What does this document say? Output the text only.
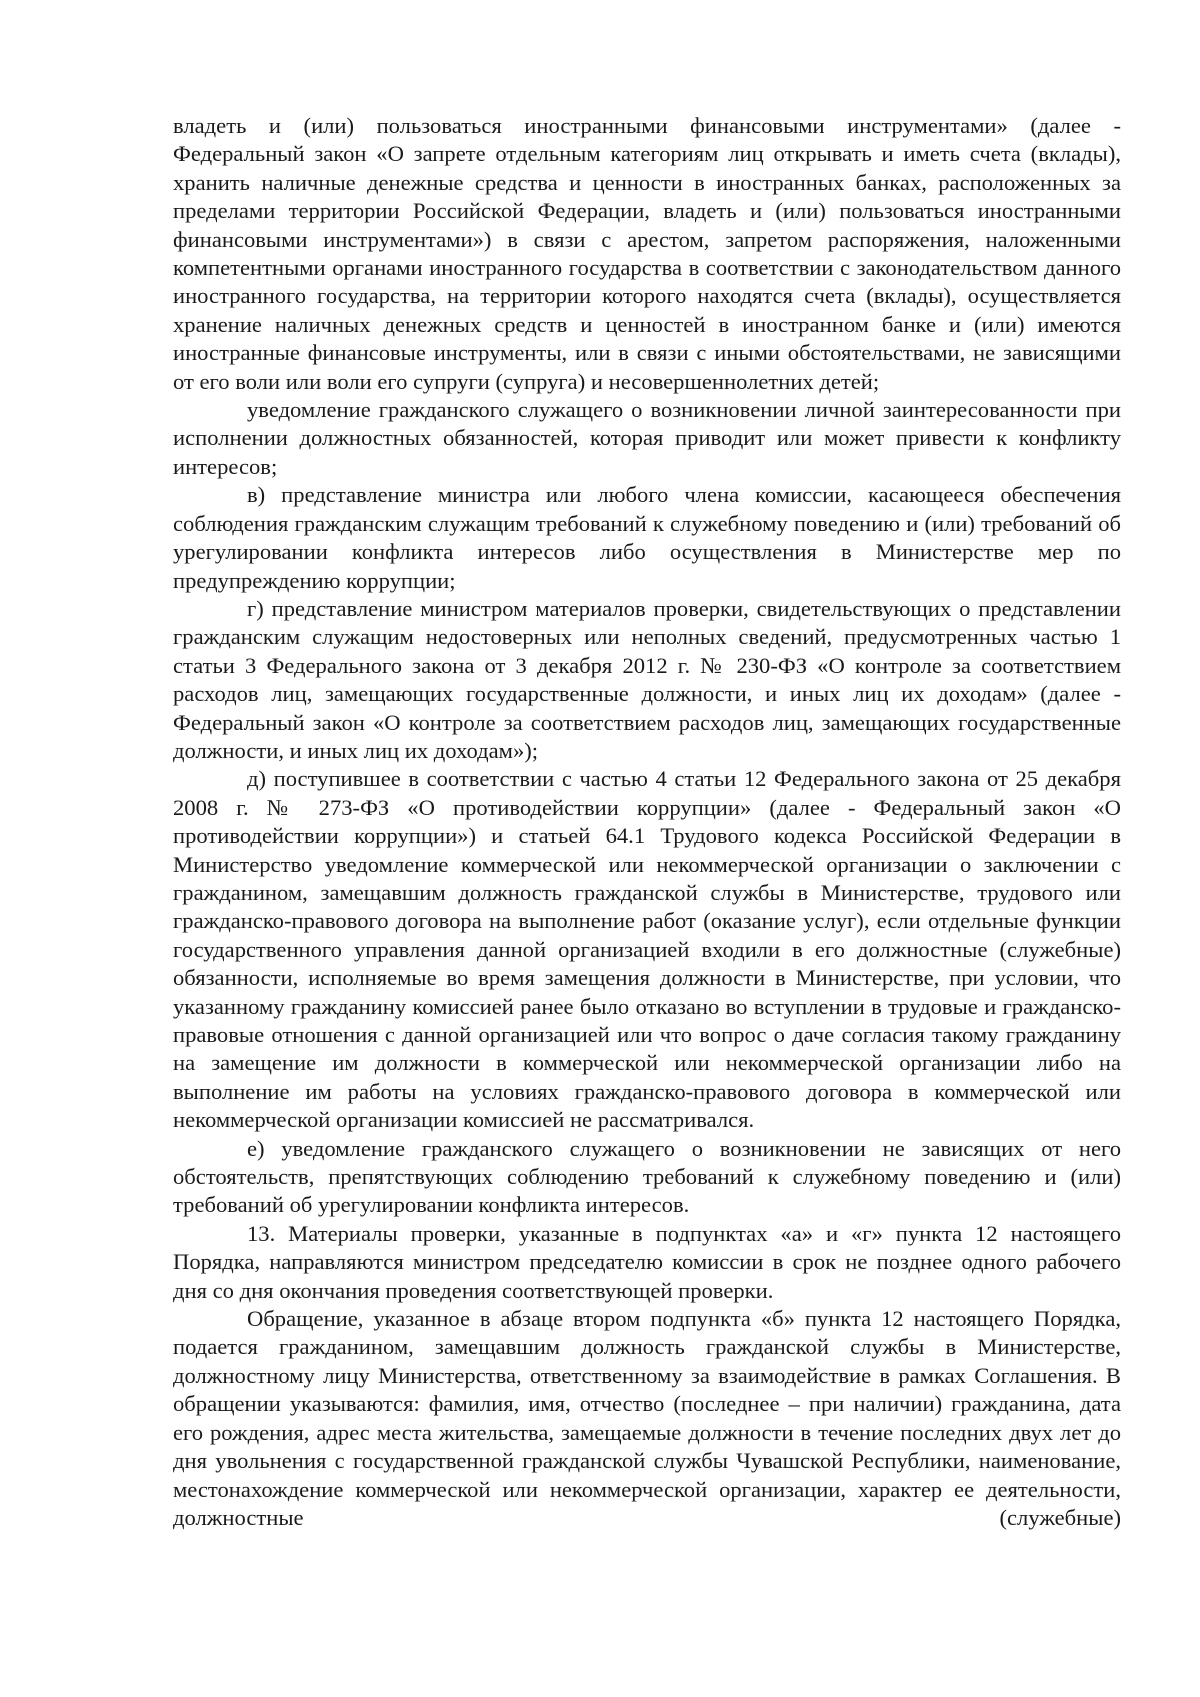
владеть и (или) пользоваться иностранными финансовыми инструментами» (далее - Федеральный закон «О запрете отдельным категориям лиц открывать и иметь счета (вклады), хранить наличные денежные средства и ценности в иностранных банках, расположенных за пределами территории Российской Федерации, владеть и (или) пользоваться иностранными финансовыми инструментами») в связи с арестом, запретом распоряжения, наложенными компетентными органами иностранного государства в соответствии с законодательством данного иностранного государства, на территории которого находятся счета (вклады), осуществляется хранение наличных денежных средств и ценностей в иностранном банке и (или) имеются иностранные финансовые инструменты, или в связи с иными обстоятельствами, не зависящими от его воли или воли его супруги (супруга) и несовершеннолетних детей;

уведомление гражданского служащего о возникновении личной заинтересованности при исполнении должностных обязанностей, которая приводит или может привести к конфликту интересов;

в) представление министра или любого члена комиссии, касающееся обеспечения соблюдения гражданским служащим требований к служебному поведению и (или) требований об урегулировании конфликта интересов либо осуществления в Министерстве мер по предупреждению коррупции;

г) представление министром материалов проверки, свидетельствующих о представлении гражданским служащим недостоверных или неполных сведений, предусмотренных частью 1 статьи 3 Федерального закона от 3 декабря 2012 г. № 230-ФЗ «О контроле за соответствием расходов лиц, замещающих государственные должности, и иных лиц их доходам» (далее - Федеральный закон «О контроле за соответствием расходов лиц, замещающих государственные должности, и иных лиц их доходам»);

д) поступившее в соответствии с частью 4 статьи 12 Федерального закона от 25 декабря 2008 г. № 273-ФЗ «О противодействии коррупции» (далее - Федеральный закон «О противодействии коррупции») и статьей 64.1 Трудового кодекса Российской Федерации в Министерство уведомление коммерческой или некоммерческой организации о заключении с гражданином, замещавшим должность гражданской службы в Министерстве, трудового или гражданско-правового договора на выполнение работ (оказание услуг), если отдельные функции государственного управления данной организацией входили в его должностные (служебные) обязанности, исполняемые во время замещения должности в Министерстве, при условии, что указанному гражданину комиссией ранее было отказано во вступлении в трудовые и гражданско-правовые отношения с данной организацией или что вопрос о даче согласия такому гражданину на замещение им должности в коммерческой или некоммерческой организации либо на выполнение им работы на условиях гражданско-правового договора в коммерческой или некоммерческой организации комиссией не рассматривался.

е) уведомление гражданского служащего о возникновении не зависящих от него обстоятельств, препятствующих соблюдению требований к служебному поведению и (или) требований об урегулировании конфликта интересов.

13. Материалы проверки, указанные в подпунктах «а» и «г» пункта 12 настоящего Порядка, направляются министром председателю комиссии в срок не позднее одного рабочего дня со дня окончания проведения соответствующей проверки.

Обращение, указанное в абзаце втором подпункта «б» пункта 12 настоящего Порядка, подается гражданином, замещавшим должность гражданской службы в Министерстве, должностному лицу Министерства, ответственному за взаимодействие в рамках Соглашения. В обращении указываются: фамилия, имя, отчество (последнее – при наличии) гражданина, дата его рождения, адрес места жительства, замещаемые должности в течение последних двух лет до дня увольнения с государственной гражданской службы Чувашской Республики, наименование, местонахождение коммерческой или некоммерческой организации, характер ее деятельности, должностные (служебные)
